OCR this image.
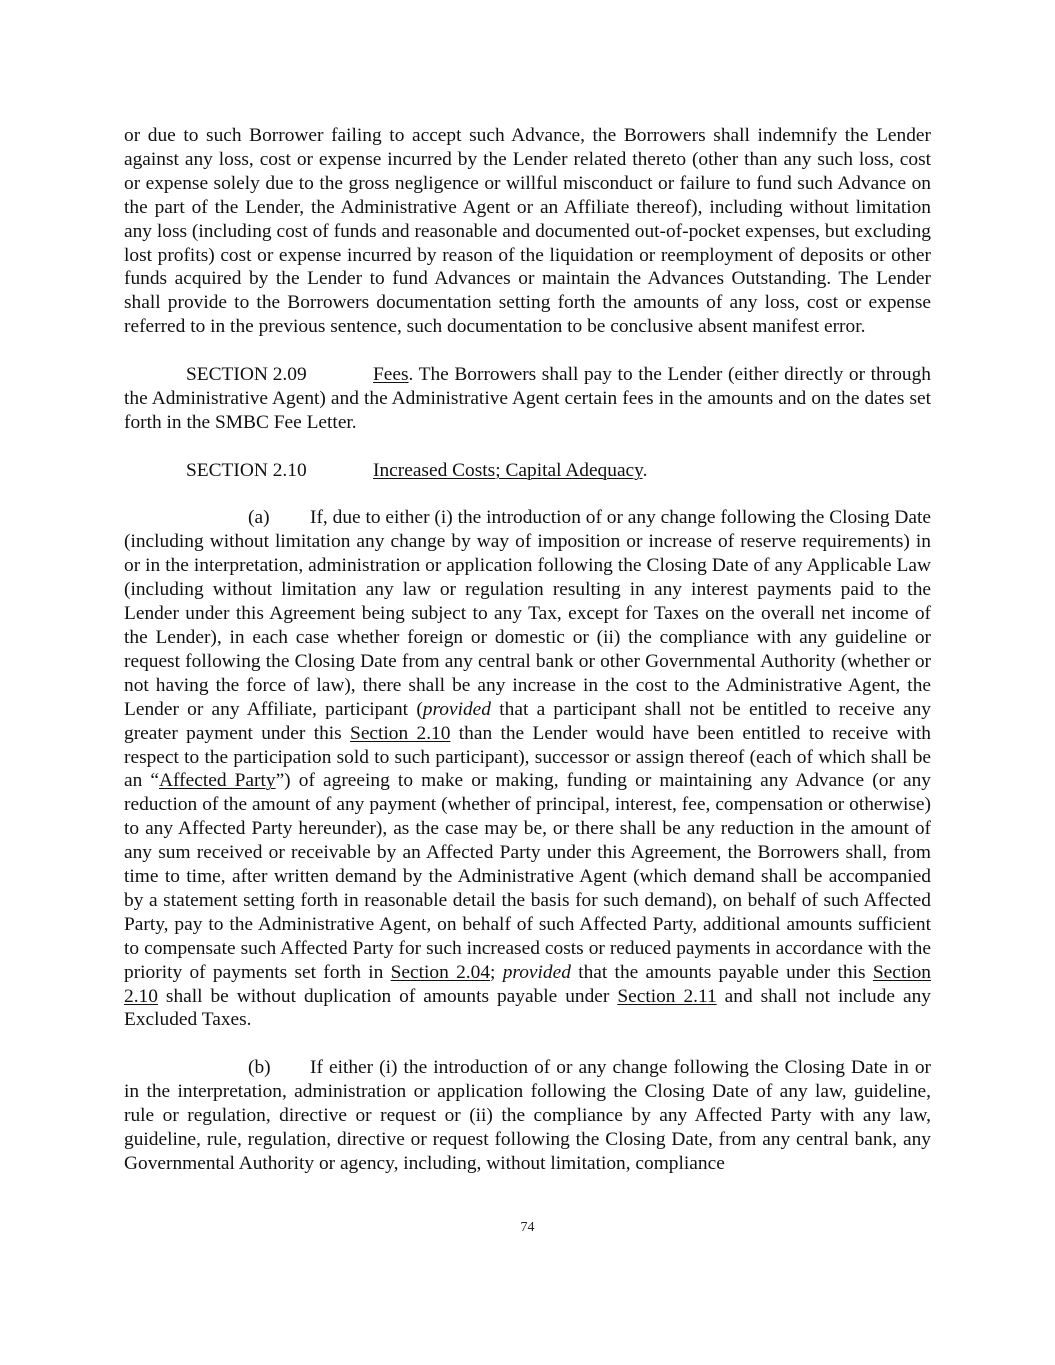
or due to such Borrower failing to accept such Advance, the Borrowers shall indemnify the Lender against any loss, cost or expense incurred by the Lender related thereto (other than any such loss, cost or expense solely due to the gross negligence or willful misconduct or failure to fund such Advance on the part of the Lender, the Administrative Agent or an Affiliate thereof), including without limitation any loss (including cost of funds and reasonable and documented out-of-pocket expenses, but excluding lost profits) cost or expense incurred by reason of the liquidation or reemployment of deposits or other funds acquired by the Lender to fund Advances or maintain the Advances Outstanding. The Lender shall provide to the Borrowers documentation setting forth the amounts of any loss, cost or expense referred to in the previous sentence, such documentation to be conclusive absent manifest error.

SECTION 2.09	Fees. The Borrowers shall pay to the Lender (either directly or through the Administrative Agent) and the Administrative Agent certain fees in the amounts and on the dates set forth in the SMBC Fee Letter.

SECTION 2.10	Increased Costs; Capital Adequacy.

(a) If, due to either (i) the introduction of or any change following the Closing Date (including without limitation any change by way of imposition or increase of reserve requirements) in or in the interpretation, administration or application following the Closing Date of any Applicable Law (including without limitation any law or regulation resulting in any interest payments paid to the Lender under this Agreement being subject to any Tax, except for Taxes on the overall net income of the Lender), in each case whether foreign or domestic or (ii) the compliance with any guideline or request following the Closing Date from any central bank or other Governmental Authority (whether or not having the force of law), there shall be any increase in the cost to the Administrative Agent, the Lender or any Affiliate, participant (provided that a participant shall not be entitled to receive any greater payment under this Section 2.10 than the Lender would have been entitled to receive with respect to the participation sold to such participant), successor or assign thereof (each of which shall be an “Affected Party”) of agreeing to make or making, funding or maintaining any Advance (or any reduction of the amount of any payment (whether of principal, interest, fee, compensation or otherwise) to any Affected Party hereunder), as the case may be, or there shall be any reduction in the amount of any sum received or receivable by an Affected Party under this Agreement, the Borrowers shall, from time to time, after written demand by the Administrative Agent (which demand shall be accompanied by a statement setting forth in reasonable detail the basis for such demand), on behalf of such Affected Party, pay to the Administrative Agent, on behalf of such Affected Party, additional amounts sufficient to compensate such Affected Party for such increased costs or reduced payments in accordance with the priority of payments set forth in Section 2.04; provided that the amounts payable under this Section 2.10 shall be without duplication of amounts payable under Section 2.11 and shall not include any Excluded Taxes.

(b) If either (i) the introduction of or any change following the Closing Date in or in the interpretation, administration or application following the Closing Date of any law, guideline, rule or regulation, directive or request or (ii) the compliance by any Affected Party with any law, guideline, rule, regulation, directive or request following the Closing Date, from any central bank, any Governmental Authority or agency, including, without limitation, compliance

74
